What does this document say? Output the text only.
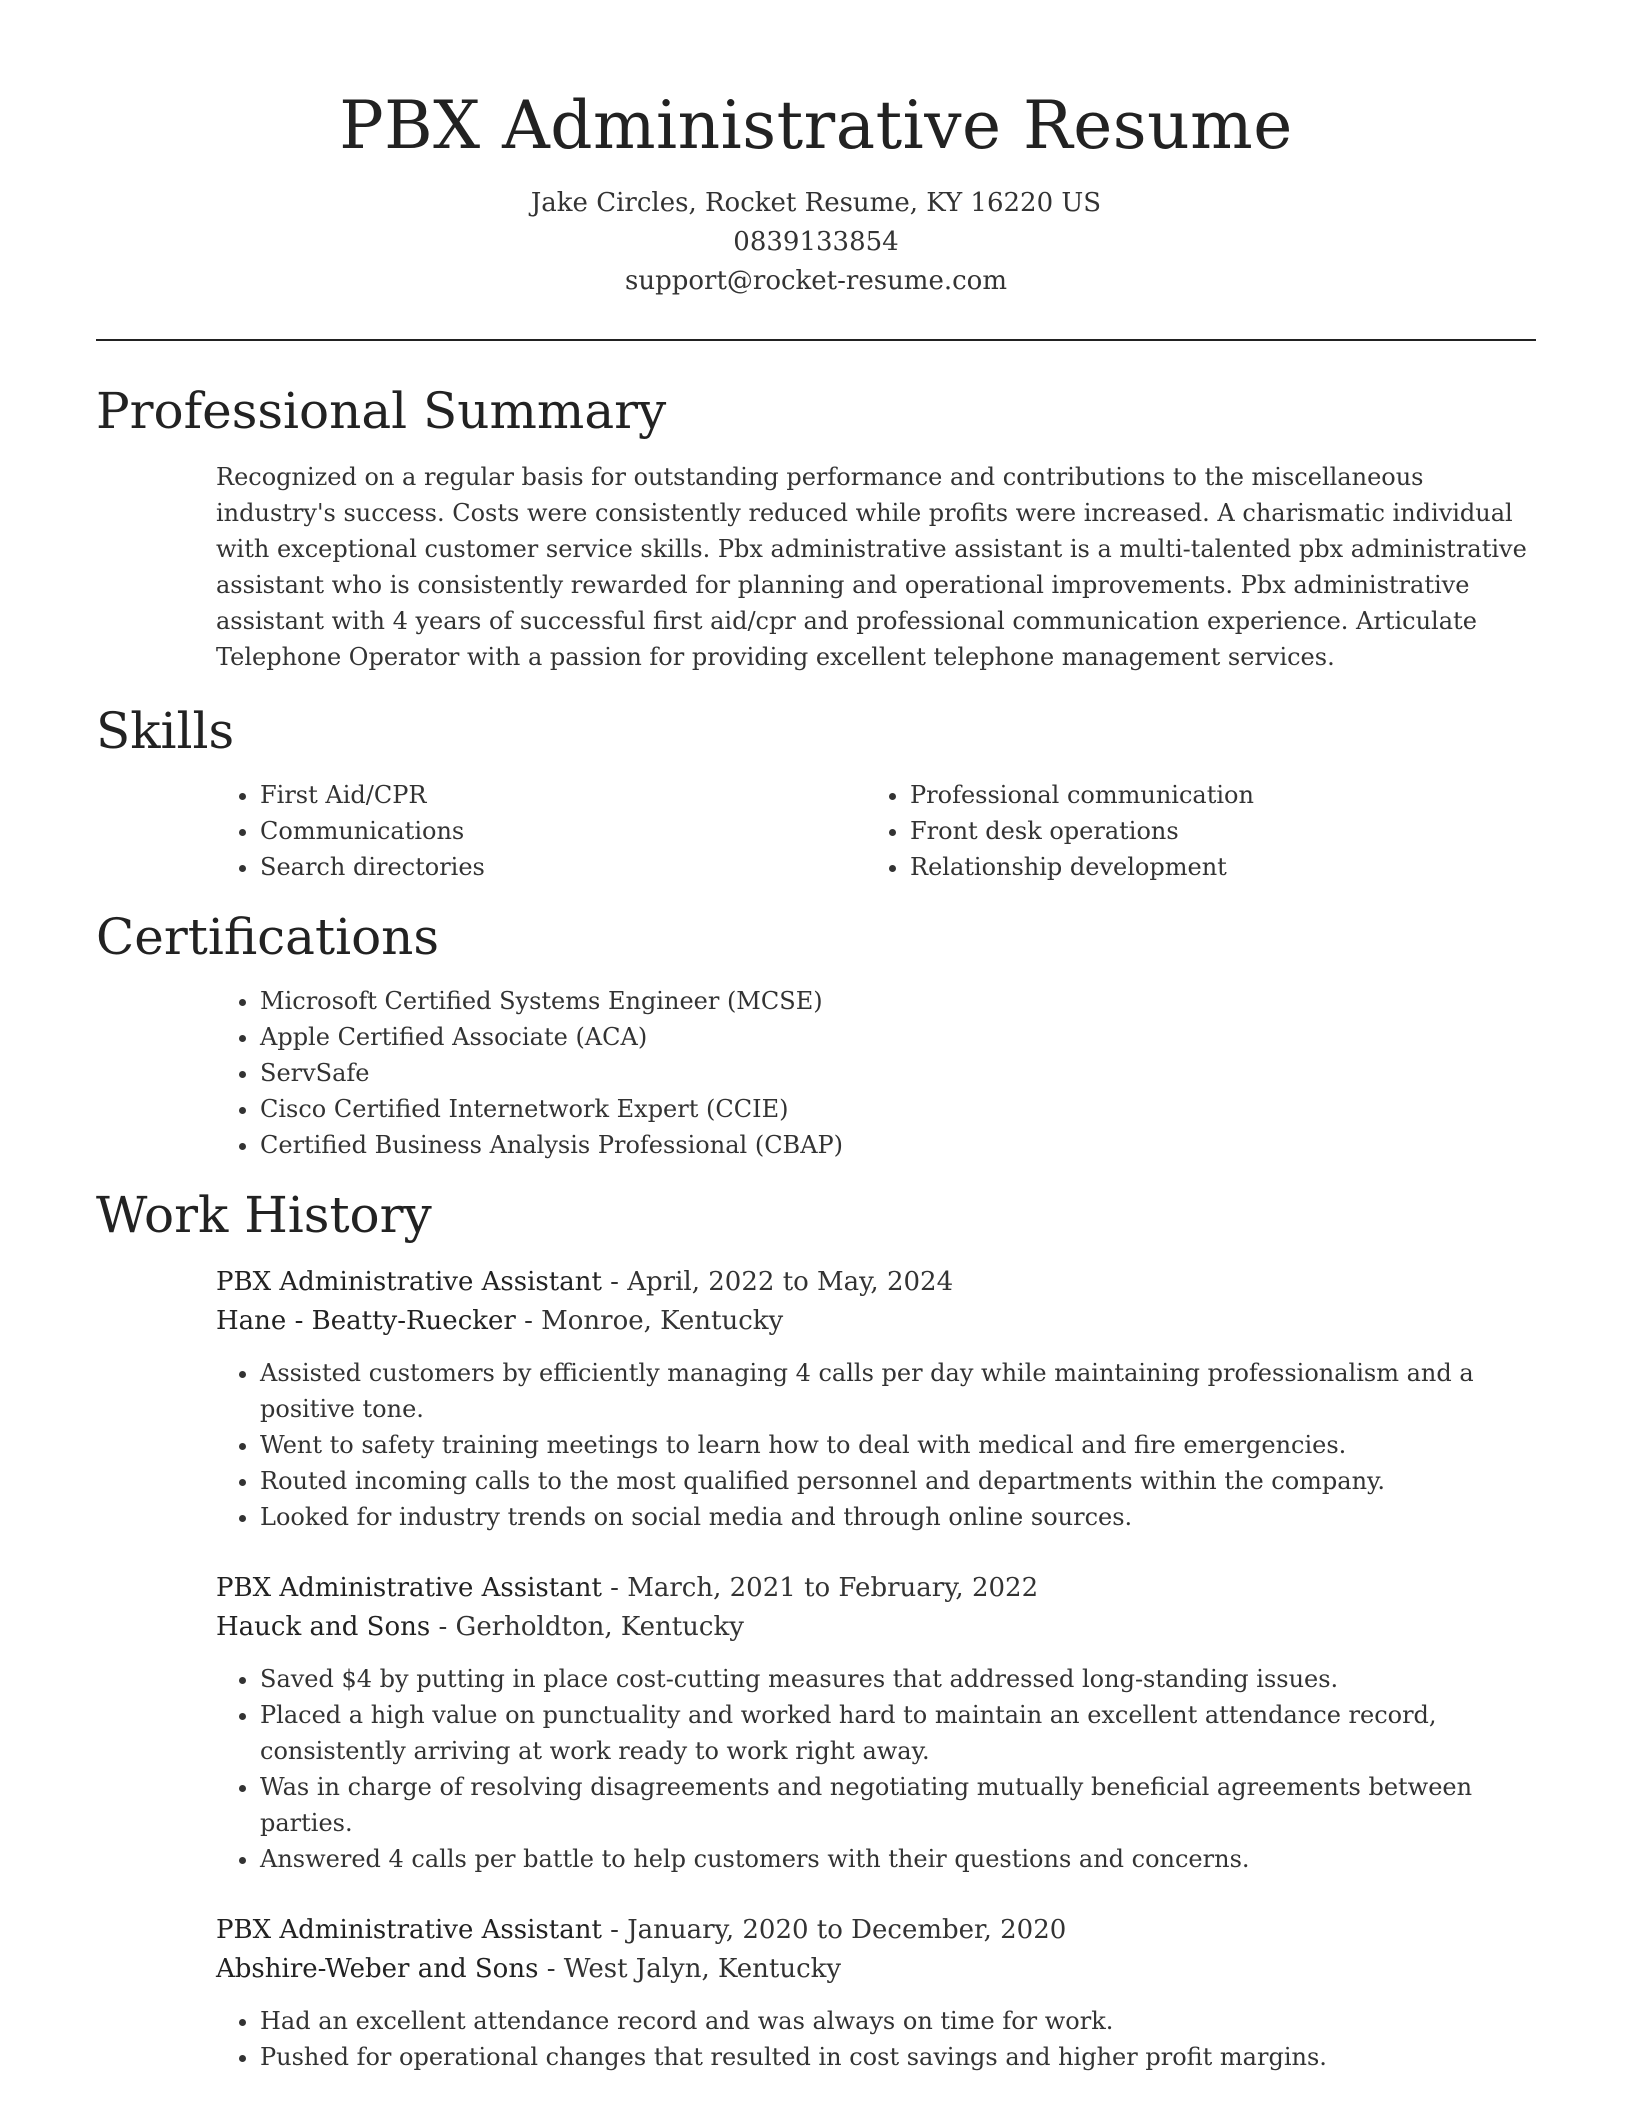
PBX Administrative Resume
Jake Circles, Rocket Resume, KY 16220 US
0839133854
support@rocket-resume.com
Professional Summary

Recognized on a regular basis for outstanding performance and contributions to the miscellaneous industry's success. Costs were consistently reduced while profits were increased. A charismatic individual with exceptional customer service skills. Pbx administrative assistant is a multi-talented pbx administrative assistant who is consistently rewarded for planning and operational improvements. Pbx administrative assistant with 4 years of successful first aid/cpr and professional communication experience. Articulate Telephone Operator with a passion for providing excellent telephone management services.

Skills
• First Aid/CPR
• Communications
• Search directories
• Professional communication
• Front desk operations
• Relationship development
Certifications
• Microsoft Certified Systems Engineer (MCSE)
• Apple Certified Associate (ACA)
• ServSafe
• Cisco Certified Internetwork Expert (CCIE)
• Certified Business Analysis Professional (CBAP)
Work History
PBX Administrative Assistant - April, 2022 to May, 2024
Hane - Beatty-Ruecker - Monroe, Kentucky
• Assisted customers by efficiently managing 4 calls per day while maintaining professionalism and a positive tone.
• Went to safety training meetings to learn how to deal with medical and fire emergencies.
• Routed incoming calls to the most qualified personnel and departments within the company.
• Looked for industry trends on social media and through online sources.
PBX Administrative Assistant - March, 2021 to February, 2022
Hauck and Sons - Gerholdton, Kentucky
• Saved $4 by putting in place cost-cutting measures that addressed long-standing issues.
• Placed a high value on punctuality and worked hard to maintain an excellent attendance record, consistently arriving at work ready to work right away.
• Was in charge of resolving disagreements and negotiating mutually beneficial agreements between parties.
• Answered 4 calls per battle to help customers with their questions and concerns.
PBX Administrative Assistant - January, 2020 to December, 2020
Abshire-Weber and Sons - West Jalyn, Kentucky
• Had an excellent attendance record and was always on time for work.
• Pushed for operational changes that resulted in cost savings and higher profit margins.
